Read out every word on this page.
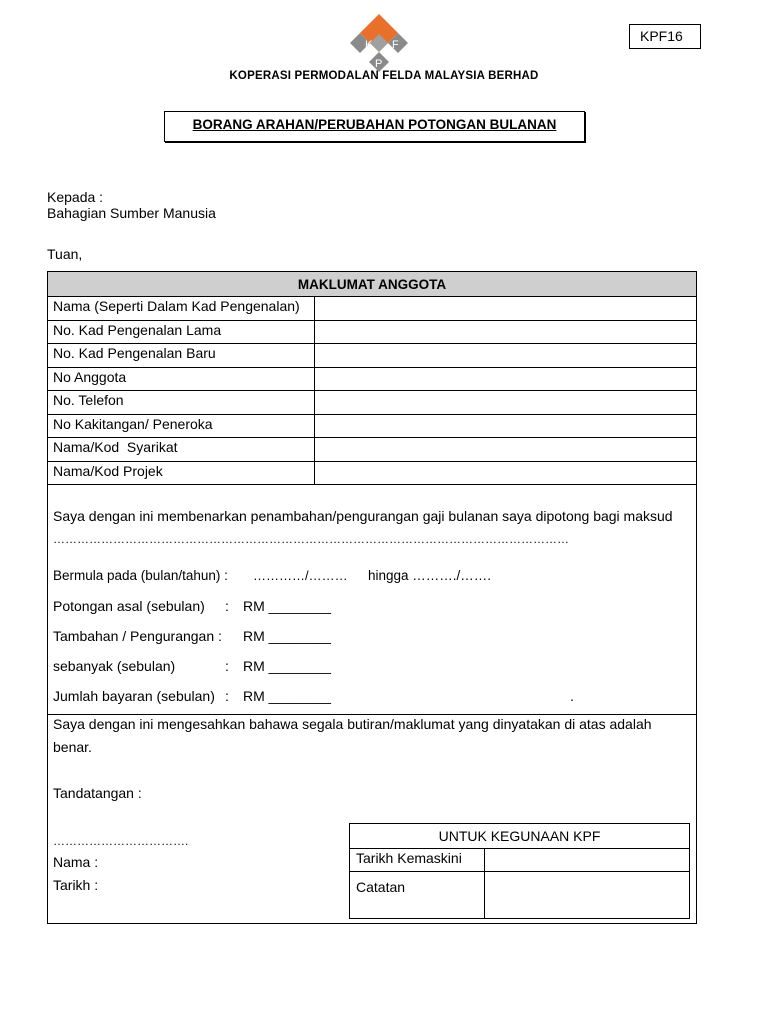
KPF16
K F
P
KOPERASI PERMODALAN FELDA MALAYSIA BERHAD
BORANG ARAHAN/PERUBAHAN POTONGAN BULANAN
Kepada :
Bahagian Sumber Manusia
Tuan,
MAKLUMAT ANGGOTA	
Nama (Seperti Dalam Kad Pengenalan)	
No. Kad Pengenalan Lama	
No. Kad Pengenalan Baru	
No Anggota	
No. Telefon	
No Kakitangan/ Peneroka	
Nama/Kod  Syarikat	
Nama/Kod Projek	
Saya dengan ini membenarkan penambahan/pengurangan gaji bulanan saya dipotong bagi maksud
…………………………………………………………………………………………………………………
Bermula pada (bulan/tahun) : …………/……… hingga ………./…….
Potongan asal (sebulan) : RM ________
Tambahan / Pengurangan : RM ________
sebanyak (sebulan)	: RM ________
Jumlah bayaran (sebulan) : RM ________	.
Saya dengan ini mengesahkan bahawa segala butiran/maklumat yang dinyatakan di atas adalah
benar.
Tandatangan :
…………………………….
Nama :
Tarikh :
UNTUK KEGUNAAN KPF	
Tarikh Kemaskini	
Catatan	
